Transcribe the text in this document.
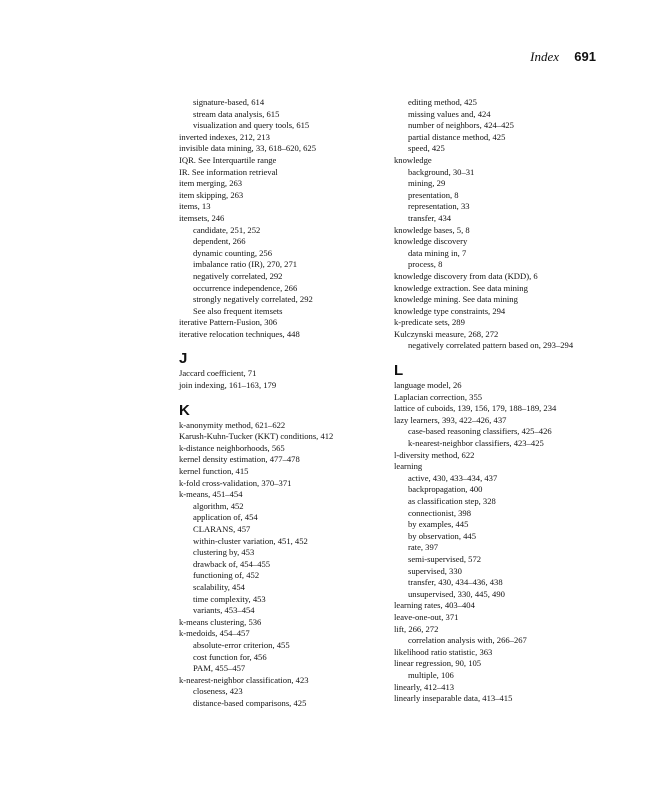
Index 691
signature-based, 614
stream data analysis, 615
visualization and query tools, 615
inverted indexes, 212, 213
invisible data mining, 33, 618–620, 625
IQR. See Interquartile range
IR. See information retrieval
item merging, 263
item skipping, 263
items, 13
itemsets, 246
candidate, 251, 252
dependent, 266
dynamic counting, 256
imbalance ratio (IR), 270, 271
negatively correlated, 292
occurrence independence, 266
strongly negatively correlated, 292
See also frequent itemsets
iterative Pattern-Fusion, 306
iterative relocation techniques, 448
J
Jaccard coefficient, 71
join indexing, 161–163, 179
K
k-anonymity method, 621–622
Karush-Kuhn-Tucker (KKT) conditions, 412
k-distance neighborhoods, 565
kernel density estimation, 477–478
kernel function, 415
k-fold cross-validation, 370–371
k-means, 451–454
algorithm, 452
application of, 454
CLARANS, 457
within-cluster variation, 451, 452
clustering by, 453
drawback of, 454–455
functioning of, 452
scalability, 454
time complexity, 453
variants, 453–454
k-means clustering, 536
k-medoids, 454–457
absolute-error criterion, 455
cost function for, 456
PAM, 455–457
k-nearest-neighbor classification, 423
closeness, 423
distance-based comparisons, 425
editing method, 425
missing values and, 424
number of neighbors, 424–425
partial distance method, 425
speed, 425
knowledge
background, 30–31
mining, 29
presentation, 8
representation, 33
transfer, 434
knowledge bases, 5, 8
knowledge discovery
data mining in, 7
process, 8
knowledge discovery from data (KDD), 6
knowledge extraction. See data mining
knowledge mining. See data mining
knowledge type constraints, 294
k-predicate sets, 289
Kulczynski measure, 268, 272
negatively correlated pattern based on, 293–294
L
language model, 26
Laplacian correction, 355
lattice of cuboids, 139, 156, 179, 188–189, 234
lazy learners, 393, 422–426, 437
case-based reasoning classifiers, 425–426
k-nearest-neighbor classifiers, 423–425
l-diversity method, 622
learning
active, 430, 433–434, 437
backpropagation, 400
as classification step, 328
connectionist, 398
by examples, 445
by observation, 445
rate, 397
semi-supervised, 572
supervised, 330
transfer, 430, 434–436, 438
unsupervised, 330, 445, 490
learning rates, 403–404
leave-one-out, 371
lift, 266, 272
correlation analysis with, 266–267
likelihood ratio statistic, 363
linear regression, 90, 105
multiple, 106
linearly, 412–413
linearly inseparable data, 413–415
